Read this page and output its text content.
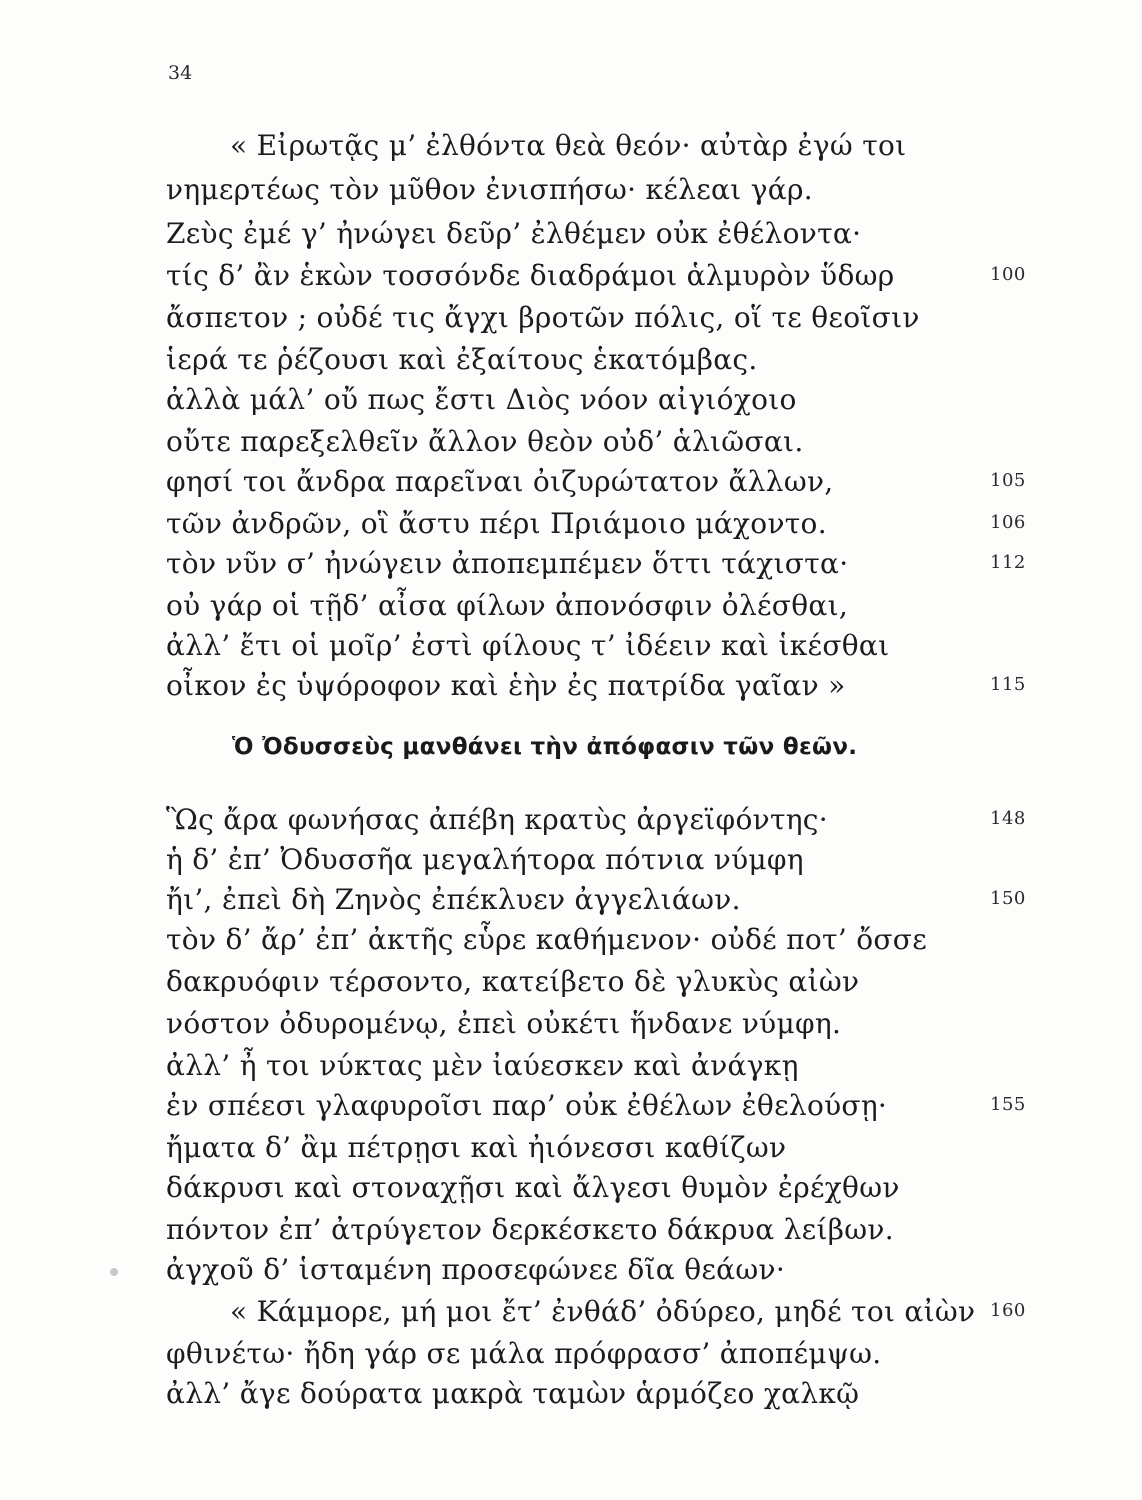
34
« Εἰρωτᾷς μ’ ἐλθόντα θεὰ θεόν· αὐτὰρ ἐγώ τοι
νημερτέως τὸν μῦθον ἐνισπήσω· κέλεαι γάρ.
Ζεὺς ἐμέ γ’ ἠνώγει δεῦρ’ ἐλθέμεν οὐκ ἐθέλοντα·
τίς δ’ ἂν ἑκὼν τοσσόνδε διαδράμοι ἁλμυρὸν ὕδωρ	100
ἄσπετον ; οὐδέ τις ἄγχι βροτῶν πόλις, οἵ τε θεοῖσιν
ἱερά τε ῥέζουσι καὶ ἐξαίτους ἑκατόμβας.
ἀλλὰ μάλ’ οὔ πως ἔστι Διὸς νόον αἰγιόχοιο
οὔτε παρεξελθεῖν ἄλλον θεὸν οὐδ’ ἁλιῶσαι.
φησί τοι ἄνδρα παρεῖναι ὀιζυρώτατον ἄλλων,	105
τῶν ἀνδρῶν, οἳ ἄστυ πέρι Πριάμοιο μάχοντο.	106
τὸν νῦν σ’ ἠνώγειν ἀποπεμπέμεν ὅττι τάχιστα·	112
οὐ γάρ οἱ τῇδ’ αἶσα φίλων ἀπονόσφιν ὀλέσθαι,
ἀλλ’ ἔτι οἱ μοῖρ’ ἐστὶ φίλους τ’ ἰδέειν καὶ ἱκέσθαι
οἶκον ἐς ὑψόροφον καὶ ἑὴν ἐς πατρίδα γαῖαν »	115
Ὁ Ὀδυσσεὺς μανθάνει τὴν ἀπόφασιν τῶν θεῶν.
Ὣς ἄρα φωνήσας ἀπέβη κρατὺς ἀργεϊφόντης·	148
ἡ δ’ ἐπ’ Ὀδυσσῆα μεγαλήτορα πότνια νύμφη
ἤι’, ἐπεὶ δὴ Ζηνὸς ἐπέκλυεν ἀγγελιάων.	150
τὸν δ’ ἄρ’ ἐπ’ ἀκτῆς εὗρε καθήμενον· οὐδέ ποτ’ ὄσσε
δακρυόφιν τέρσοντο, κατείβετο δὲ γλυκὺς αἰὼν
νόστον ὀδυρομένῳ, ἐπεὶ οὐκέτι ἥνδανε νύμφη.
ἀλλ’ ἦ τοι νύκτας μὲν ἰαύεσκεν καὶ ἀνάγκῃ
ἐν σπέεσι γλαφυροῖσι παρ’ οὐκ ἐθέλων ἐθελούσῃ·	155
ἤματα δ’ ἂμ πέτρῃσι καὶ ἠιόνεσσι καθίζων
δάκρυσι καὶ στοναχῇσι καὶ ἄλγεσι θυμὸν ἐρέχθων
πόντον ἐπ’ ἀτρύγετον δερκέσκετο δάκρυα λείβων.
ἀγχοῦ δ’ ἱσταμένη προσεφώνεε δῖα θεάων·
« Κάμμορε, μή μοι ἔτ’ ἐνθάδ’ ὀδύρεο, μηδέ τοι αἰὼν 160
φθινέτω· ἤδη γάρ σε μάλα πρόφρασσ’ ἀποπέμψω.
ἀλλ’ ἄγε δούρατα μακρὰ ταμὼν ἁρμόζεο χαλκῷ
